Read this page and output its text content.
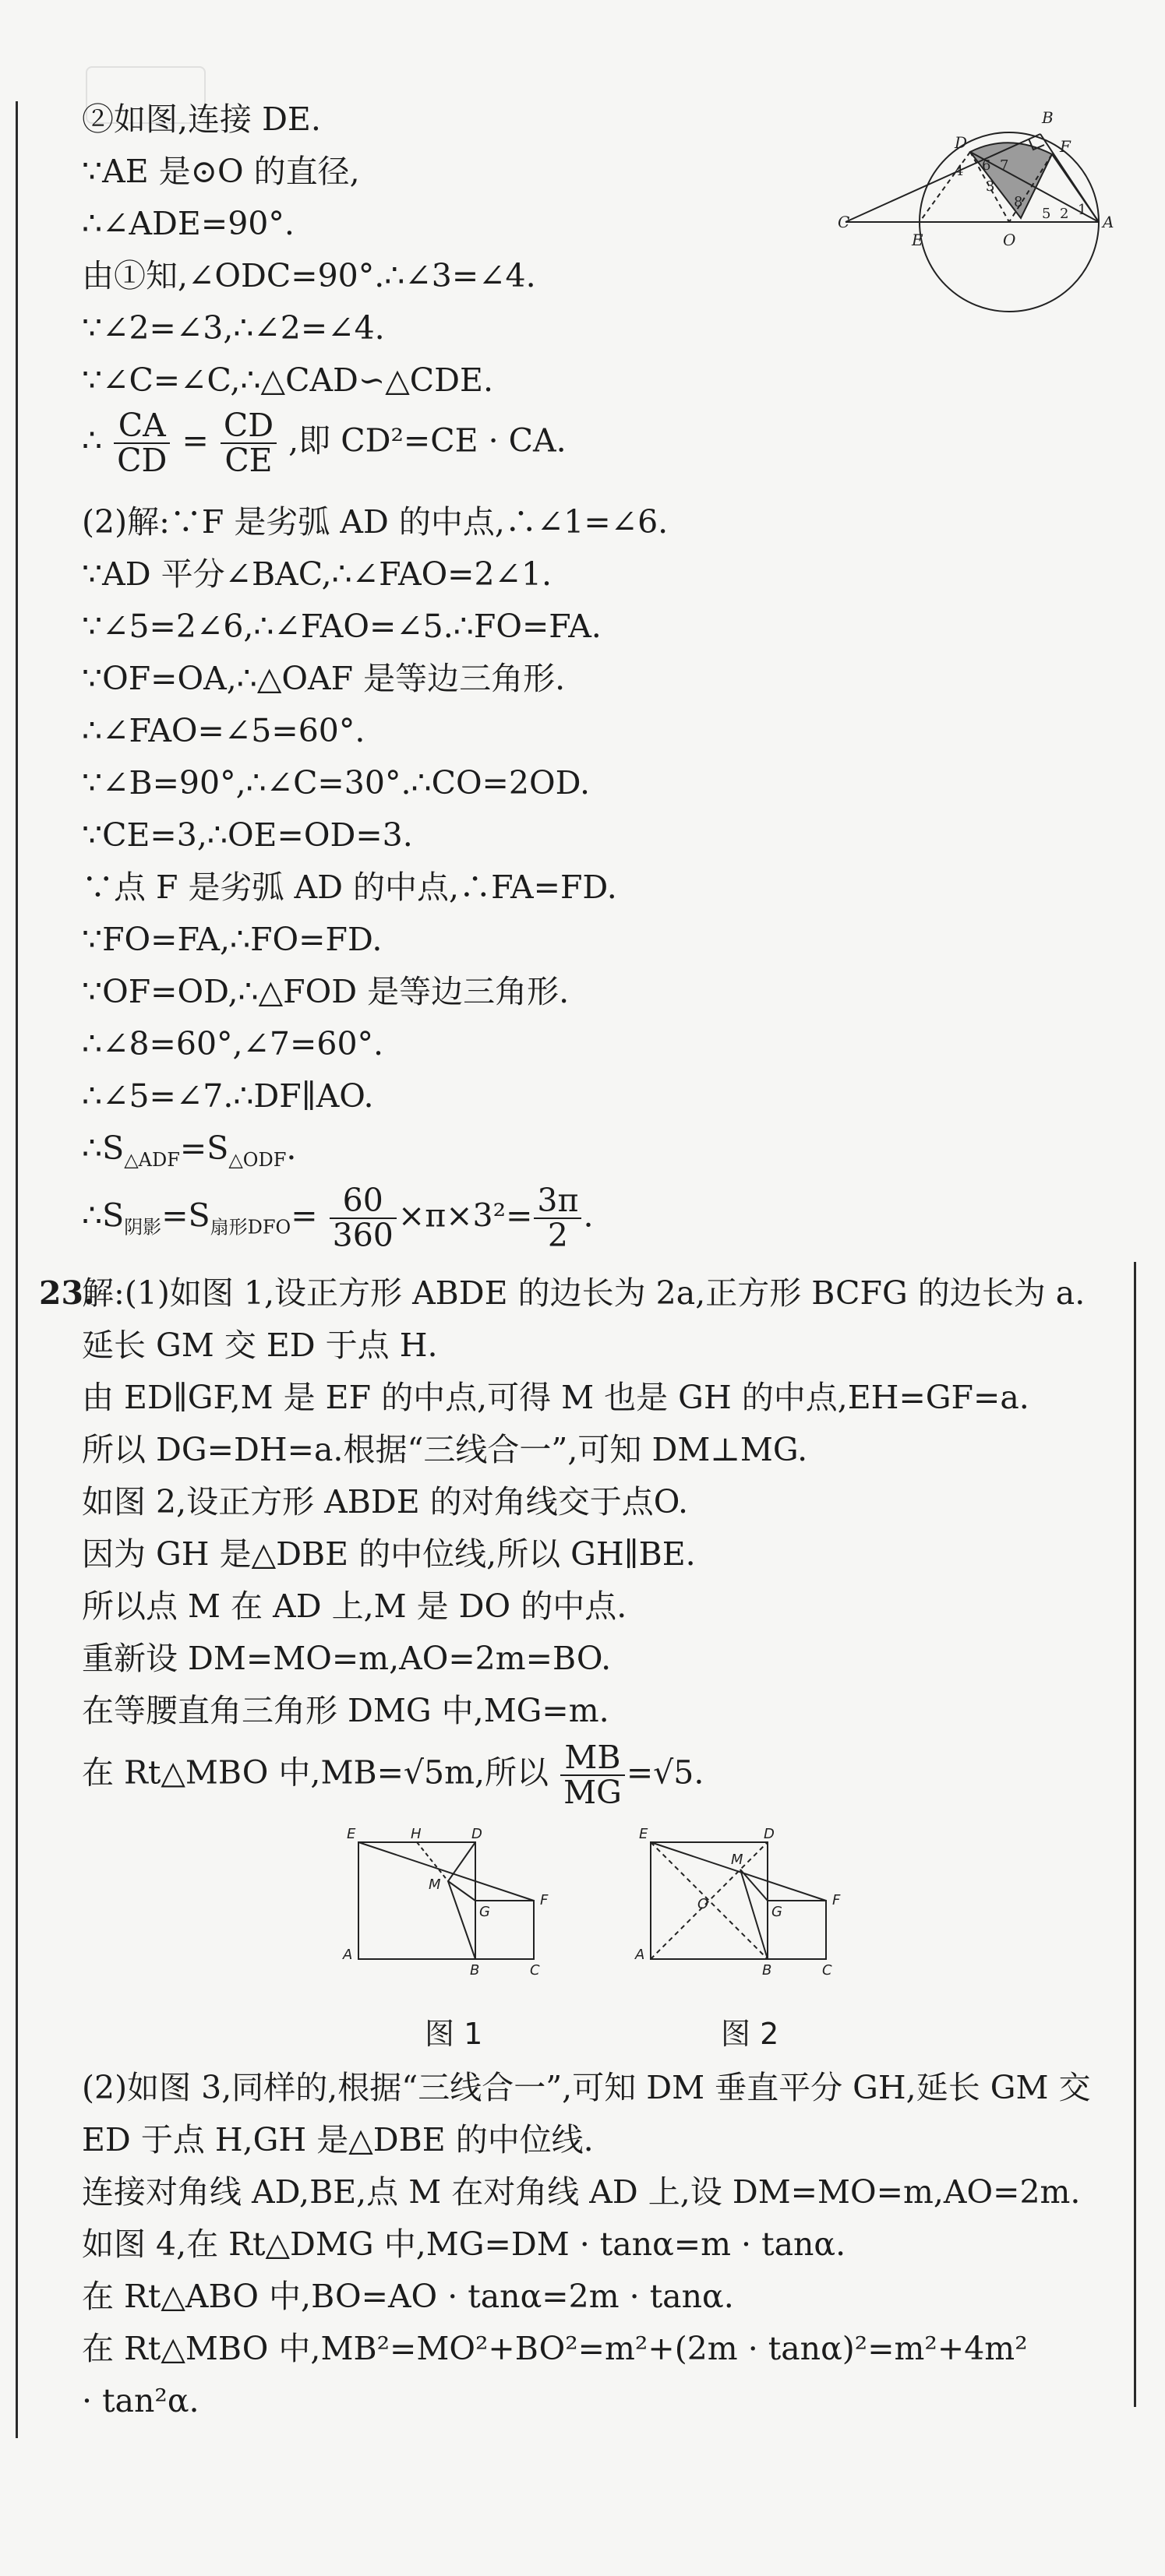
②如图,连接 DE.
∵AE 是⊙O 的直径,
∴∠ADE=90°.
由①知,∠ODC=90°.∴∠3=∠4.
∵∠2=∠3,∴∠2=∠4.
∵∠C=∠C,∴△CAD∽△CDE.
∴ $\frac{CA}{CD} = \frac{CD}{CE}$ ,即 CD²=CE · CA.
(2)解:∵F 是劣弧 AD 的中点,∴∠1=∠6.
∵AD 平分∠BAC,∴∠FAO=2∠1.
∵∠5=2∠6,∴∠FAO=∠5.∴FO=FA.
∵OF=OA,∴△OAF 是等边三角形.
∴∠FAO=∠5=60°.
∵∠B=90°,∴∠C=30°.∴CO=2OD.
∵CE=3,∴OE=OD=3.
∵点 F 是劣弧 AD 的中点,∴FA=FD.
∵FO=FA,∴FO=FD.
∵OF=OD,∴△FOD 是等边三角形.
∴∠8=60°,∠7=60°.
∴∠5=∠7.∴DF∥AO.
$\therefore S_{\triangle ADF}=S_{\triangle ODF}$.
$\therefore S_{阴影}=S_{扇形DFO}= \frac{60}{360} \times\pi\times 3^2= \frac{3\pi}{2}$ .
B
D	F
C
E	O
A
1
2
3
4
5
6 7
8
23.
解:(1)如图 1,设正方形 ABDE 的边长为 2a,正方形 BCFG 的边长为 a.
延长 GM 交 ED 于点 H.
由 ED∥GF,M 是 EF 的中点,可得 M 也是 GH 的中点,EH=GF=a.
所以 DG=DH=a.根据“三线合一”,可知 DM⊥MG.
如图 2,设正方形 ABDE 的对角线交于点O.
因为 GH 是△DBE 的中位线,所以 GH∥BE.
所以点 M 在 AD 上,M 是 DO 的中点.
重新设 DM=MO=m,AO=2m=BO.
在等腰直角三角形 DMG 中,MG=m.
在 Rt△MBO 中,MB=√5m,所以 $\frac{MB}{MG} =√5$.
E	H	D
M
G
F
A
B	C
图 1
E	D
M
O	G
F
A
B	C
图 2
(2)如图 3,同样的,根据“三线合一”,可知 DM 垂直平分 GH,延长 GM 交
ED 于点 H,GH 是△DBE 的中位线.
连接对角线 AD,BE,点 M 在对角线 AD 上,设 DM=MO=m,AO=2m.
如图 4,在 Rt△DMG 中,MG=DM · tanα=m · tanα.
在 Rt△ABO 中,BO=AO · tanα=2m · tanα.
在 Rt△MBO 中,MB²=MO²+BO²=m²+(2m · tanα)²=m²+4m²
· tan²α.
